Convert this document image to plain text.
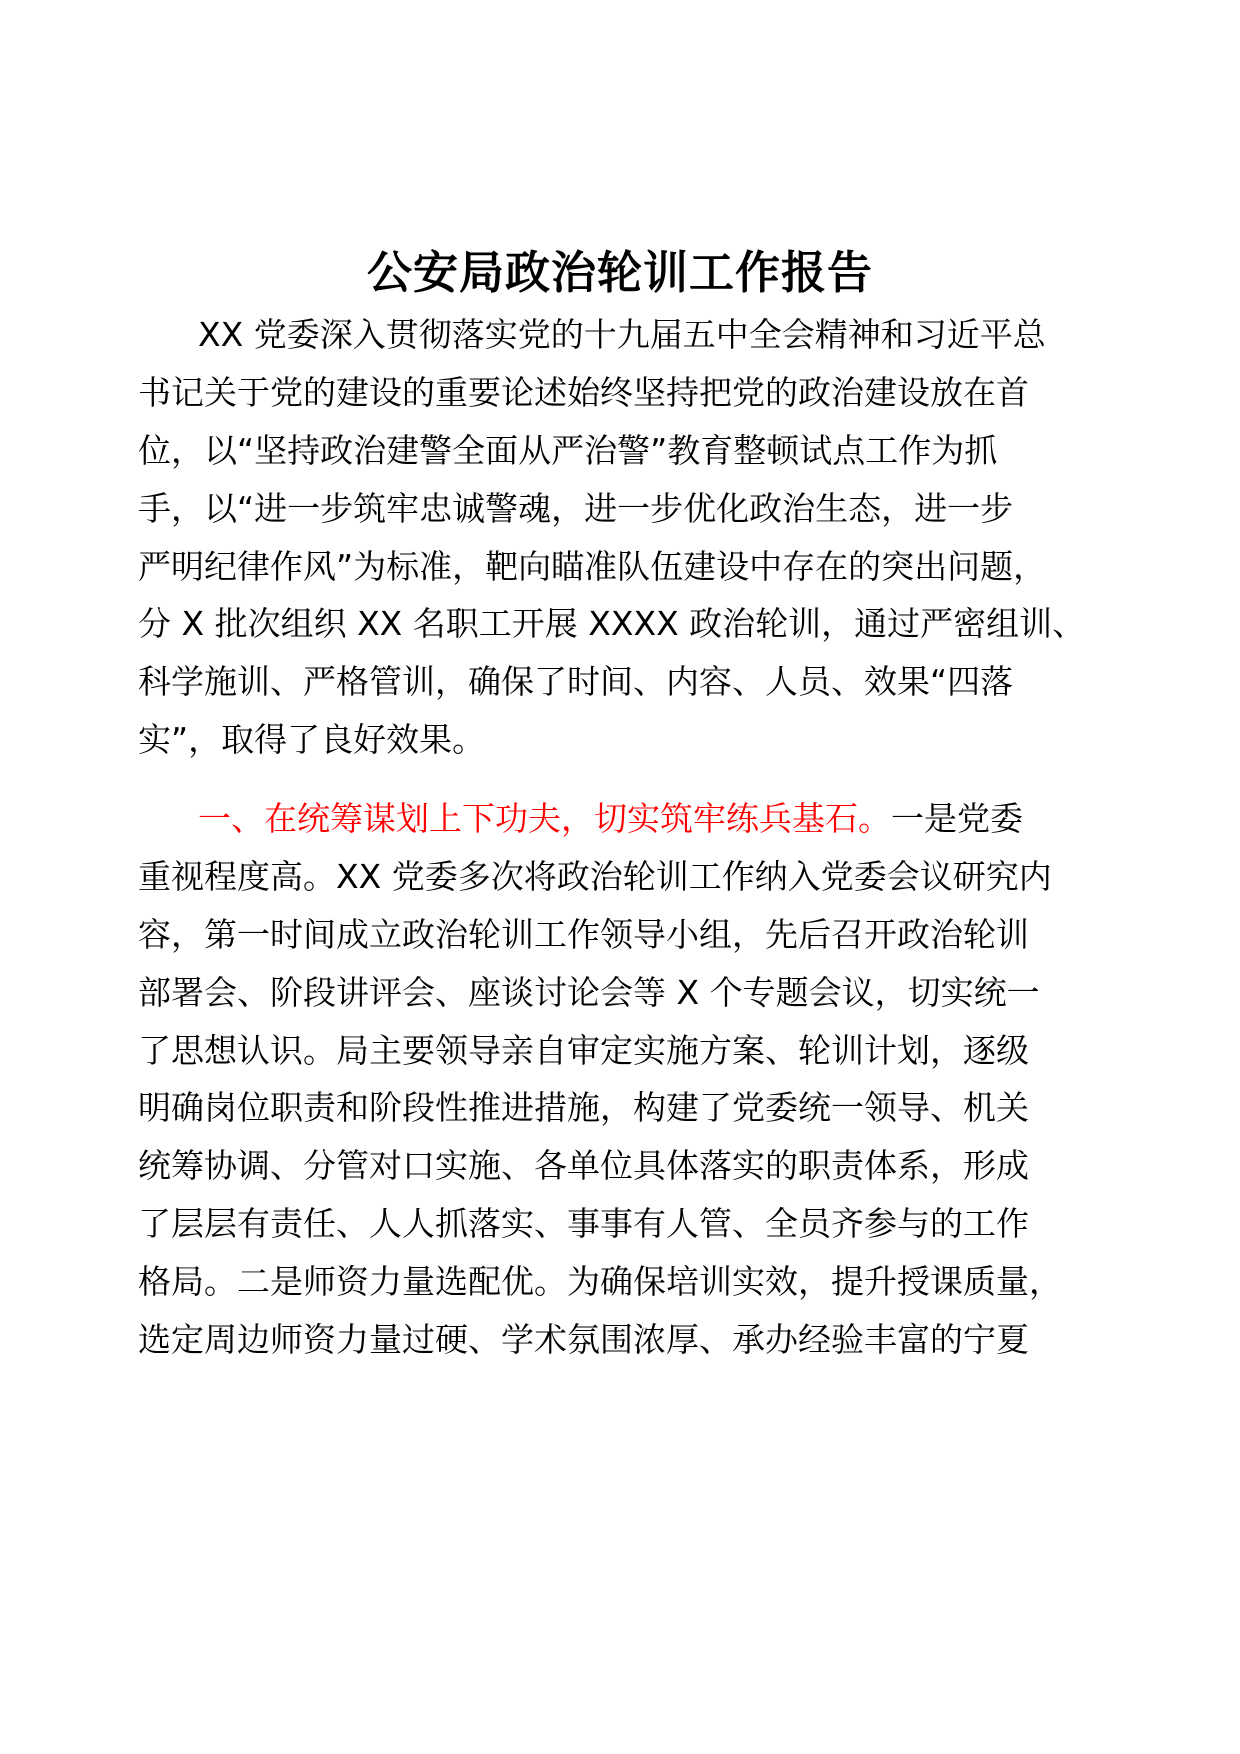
公安局政治轮训工作报告
XX 党委深入贯彻落实党的十九届五中全会精神和习近平总
书记关于党的建设的重要论述始终坚持把党的政治建设放在首
位，以“坚持政治建警全面从严治警”教育整顿试点工作为抓
手，以“进一步筑牢忠诚警魂，进一步优化政治生态，进一步
严明纪律作风”为标准，靶向瞄准队伍建设中存在的突出问题，
分 X 批次组织 XX 名职工开展 XXXX 政治轮训，通过严密组训、
科学施训、严格管训，确保了时间、内容、人员、效果“四落
实”，取得了良好效果。
一、在统筹谋划上下功夫，切实筑牢练兵基石。一是党委
重视程度高。XX 党委多次将政治轮训工作纳入党委会议研究内
容，第一时间成立政治轮训工作领导小组，先后召开政治轮训
部署会、阶段讲评会、座谈讨论会等 X 个专题会议，切实统一
了思想认识。局主要领导亲自审定实施方案、轮训计划，逐级
明确岗位职责和阶段性推进措施，构建了党委统一领导、机关
统筹协调、分管对口实施、各单位具体落实的职责体系，形成
了层层有责任、人人抓落实、事事有人管、全员齐参与的工作
格局。二是师资力量选配优。为确保培训实效，提升授课质量，
选定周边师资力量过硬、学术氛围浓厚、承办经验丰富的宁夏
